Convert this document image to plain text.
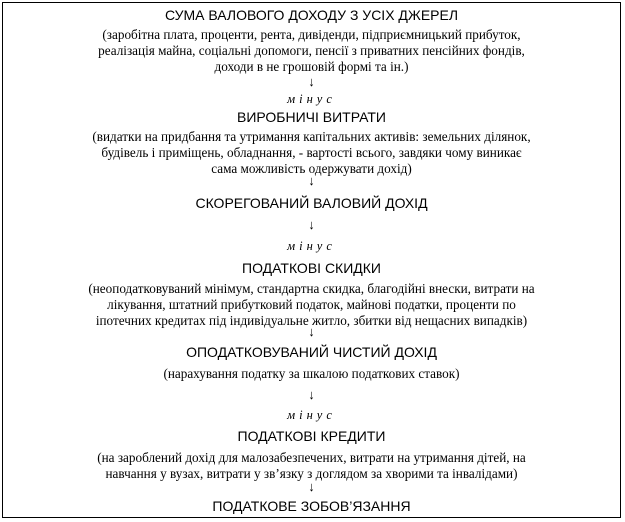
СУМА ВАЛОВОГО ДОХОДУ З УСІХ ДЖЕРЕЛ
(заробітна плата, проценти, рента, дивіденди, підприємницький прибуток,
реалізація майна, соціальні допомоги, пенсії з приватних пенсійних фондів,
доходи в не грошовій формі та ін.)
↓
мінус
ВИРОБНИЧІ ВИТРАТИ
(видатки на придбання та утримання капітальних активів: земельних ділянок,
будівель і приміщень, обладнання, - вартості всього, завдяки чому виникає
сама можливість одержувати дохід)
↓
СКОРЕГОВАНИЙ ВАЛОВИЙ ДОХІД
↓
мінус
ПОДАТКОВІ СКИДКИ
(неоподатковуваний мінімум, стандартна скидка, благодійні внески, витрати на
лікування, штатний прибутковий податок, майнові податки, проценти по
іпотечних кредитах під індивідуальне житло, збитки від нещасних випадків)
↓
ОПОДАТКОВУВАНИЙ ЧИСТИЙ ДОХІД
(нарахування податку за шкалою податкових ставок)
↓
мінус
ПОДАТКОВІ КРЕДИТИ
(на зароблений дохід для малозабезпечених, витрати на утримання дітей, на
навчання у вузах, витрати у зв’язку з доглядом за хворими та інвалідами)
↓
ПОДАТКОВЕ ЗОБОВ’ЯЗАННЯ
